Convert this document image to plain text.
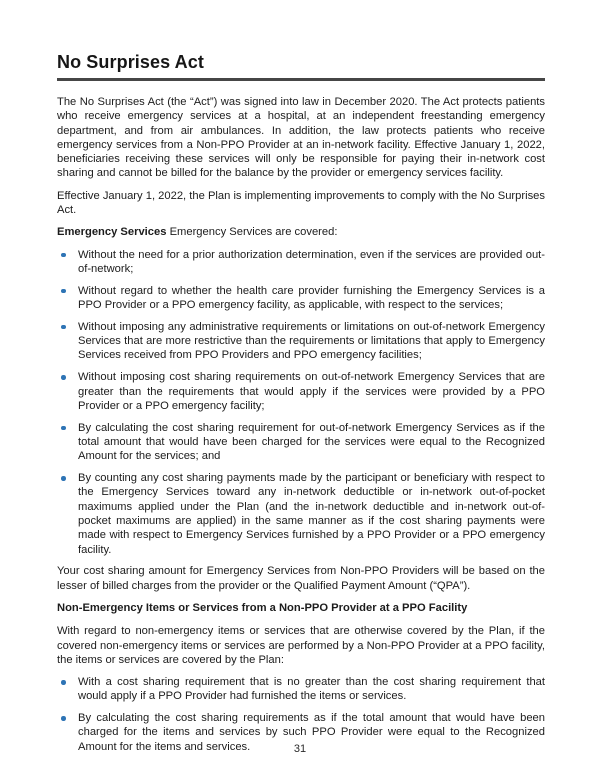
No Surprises Act

The No Surprises Act (the “Act”) was signed into law in December 2020. The Act protects patients who receive emergency services at a hospital, at an independent freestanding emergency department, and from air ambulances. In addition, the law protects patients who receive emergency services from a Non-PPO Provider at an in-network facility. Effective January 1, 2022, beneficiaries receiving these services will only be responsible for paying their in-network cost sharing and cannot be billed for the balance by the provider or emergency services facility.

Effective January 1, 2022, the Plan is implementing improvements to comply with the No Surprises Act.

Emergency Services Emergency Services are covered:

Without the need for a prior authorization determination, even if the services are provided out-of-network;
Without regard to whether the health care provider furnishing the Emergency Services is a PPO Provider or a PPO emergency facility, as applicable, with respect to the services;
Without imposing any administrative requirements or limitations on out-of-network Emergency Services that are more restrictive than the requirements or limitations that apply to Emergency Services received from PPO Providers and PPO emergency facilities;
Without imposing cost sharing requirements on out-of-network Emergency Services that are greater than the requirements that would apply if the services were provided by a PPO Provider or a PPO emergency facility;
By calculating the cost sharing requirement for out-of-network Emergency Services as if the total amount that would have been charged for the services were equal to the Recognized Amount for the services; and
By counting any cost sharing payments made by the participant or beneficiary with respect to the Emergency Services toward any in-network deductible or in-network out-of-pocket maximums applied under the Plan (and the in-network deductible and in-network out-of-pocket maximums are applied) in the same manner as if the cost sharing payments were made with respect to Emergency Services furnished by a PPO Provider or a PPO emergency facility.

Your cost sharing amount for Emergency Services from Non-PPO Providers will be based on the lesser of billed charges from the provider or the Qualified Payment Amount (“QPA”).

Non-Emergency Items or Services from a Non-PPO Provider at a PPO Facility

With regard to non-emergency items or services that are otherwise covered by the Plan, if the covered non-emergency items or services are performed by a Non-PPO Provider at a PPO facility, the items or services are covered by the Plan:

With a cost sharing requirement that is no greater than the cost sharing requirement that would apply if a PPO Provider had furnished the items or services.
By calculating the cost sharing requirements as if the total amount that would have been charged for the items and services by such PPO Provider were equal to the Recognized Amount for the items and services.	31
